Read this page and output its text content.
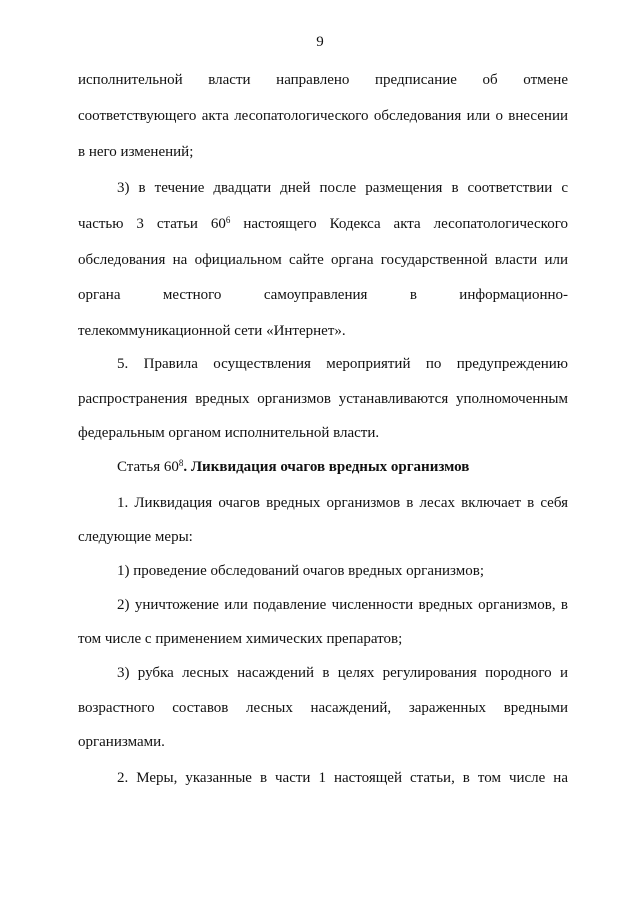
9
исполнительной власти направлено предписание об отмене
соответствующего акта лесопатологического обследования или о внесении
в него изменений;
3) в течение двадцати дней после размещения в соответствии с
частью 3 статьи $60^6$ настоящего Кодекса акта лесопатологического
обследования на официальном сайте органа государственной власти или
органа местного самоуправления в информационно-
телекоммуникационной сети «Интернет».
5. Правила осуществления мероприятий по предупреждению
распространения вредных организмов устанавливаются уполномоченным
федеральным органом исполнительной власти.
Статья $60^8$. Ликвидация очагов вредных организмов
1. Ликвидация очагов вредных организмов в лесах включает в себя
следующие меры:
1) проведение обследований очагов вредных организмов;
2) уничтожение или подавление численности вредных организмов, в
том числе с применением химических препаратов;
3) рубка лесных насаждений в целях регулирования породного и
возрастного составов лесных насаждений, зараженных вредными
организмами.
2. Меры, указанные в части 1 настоящей статьи, в том числе на
